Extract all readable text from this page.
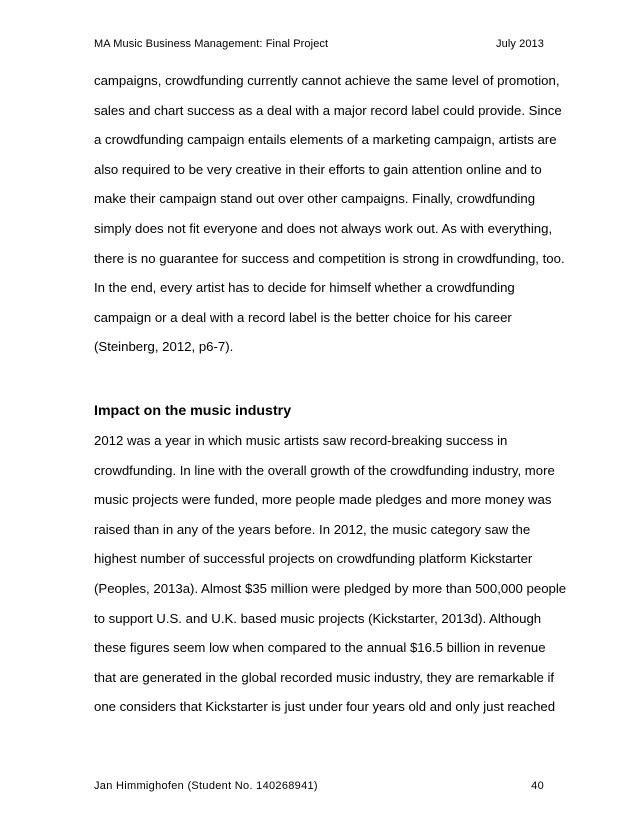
MA Music Business Management: Final Project	July 2013
campaigns, crowdfunding currently cannot achieve the same level of promotion,
sales and chart success as a deal with a major record label could provide. Since
a crowdfunding campaign entails elements of a marketing campaign, artists are
also required to be very creative in their efforts to gain attention online and to
make their campaign stand out over other campaigns. Finally, crowdfunding
simply does not fit everyone and does not always work out. As with everything,
there is no guarantee for success and competition is strong in crowdfunding, too.
In the end, every artist has to decide for himself whether a crowdfunding
campaign or a deal with a record label is the better choice for his career
(Steinberg, 2012, p6-7).
Impact on the music industry
2012 was a year in which music artists saw record-breaking success in
crowdfunding. In line with the overall growth of the crowdfunding industry, more
music projects were funded, more people made pledges and more money was
raised than in any of the years before. In 2012, the music category saw the
highest number of successful projects on crowdfunding platform Kickstarter
(Peoples, 2013a). Almost $35 million were pledged by more than 500,000 people
to support U.S. and U.K. based music projects (Kickstarter, 2013d). Although
these figures seem low when compared to the annual $16.5 billion in revenue
that are generated in the global recorded music industry, they are remarkable if
one considers that Kickstarter is just under four years old and only just reached
Jan Himmighofen (Student No. 140268941)	40
